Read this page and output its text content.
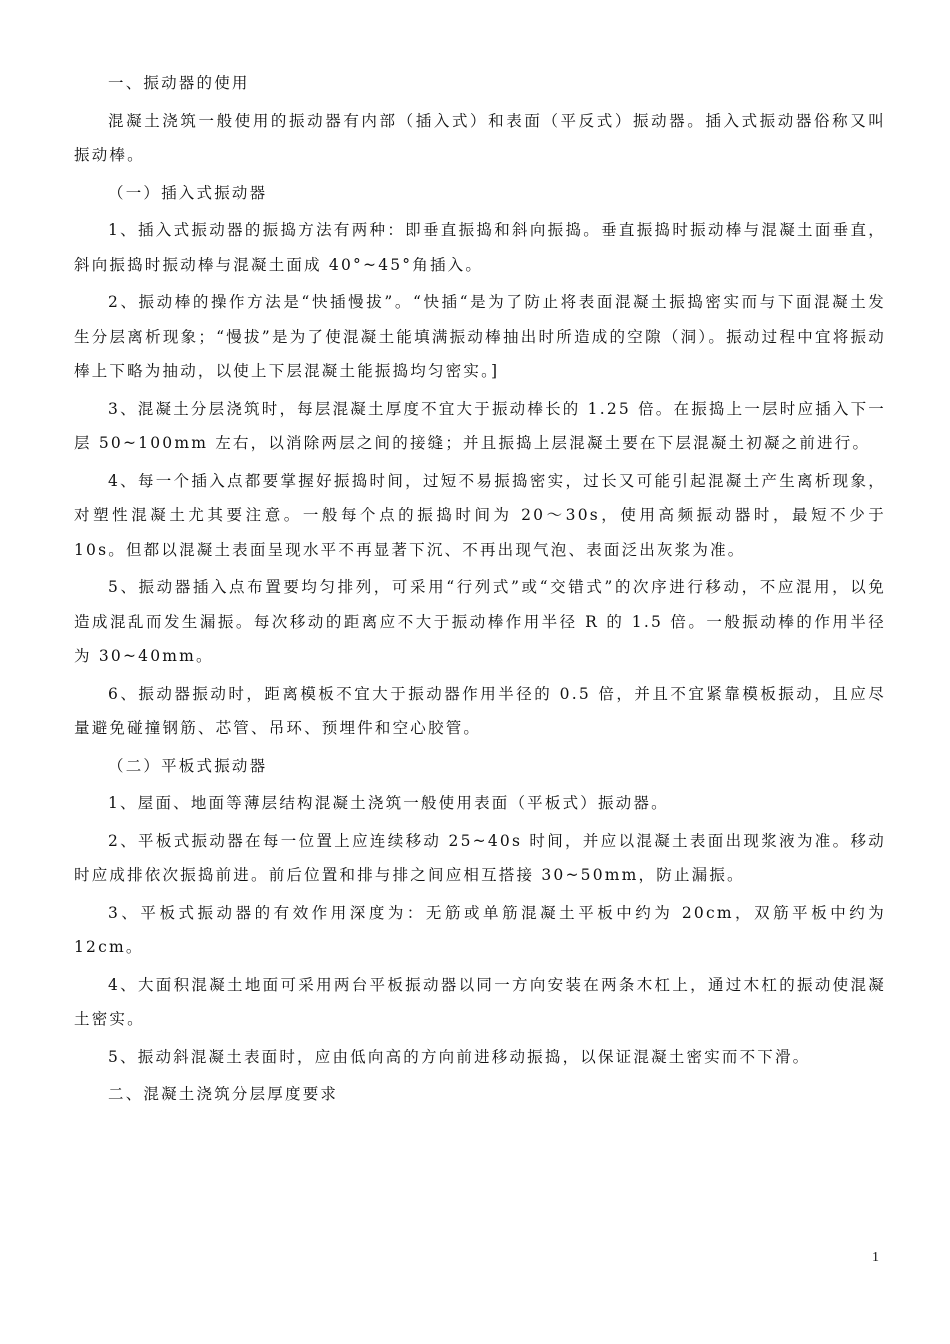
一、振动器的使用

混凝土浇筑一般使用的振动器有内部（插入式）和表面（平反式）振动器。插入式振动器俗称又叫振动棒。

（一）插入式振动器

1、插入式振动器的振捣方法有两种：即垂直振捣和斜向振捣。垂直振捣时振动棒与混凝土面垂直，斜向振捣时振动棒与混凝土面成 40°~45°角插入。

2、振动棒的操作方法是“快插慢拔”。“快插“是为了防止将表面混凝土振捣密实而与下面混凝土发生分层离析现象；“慢拔”是为了使混凝土能填满振动棒抽出时所造成的空隙（洞）。振动过程中宜将振动棒上下略为抽动，以使上下层混凝土能振捣均匀密实。]

3、混凝土分层浇筑时，每层混凝土厚度不宜大于振动棒长的 1.25 倍。在振捣上一层时应插入下一层 50~100mm 左右，以消除两层之间的接缝；并且振捣上层混凝土要在下层混凝土初凝之前进行。

4、每一个插入点都要掌握好振捣时间，过短不易振捣密实，过长又可能引起混凝土产生离析现象，对塑性混凝土尤其要注意。一般每个点的振捣时间为 20～30s，使用高频振动器时，最短不少于 10s。但都以混凝土表面呈现水平不再显著下沉、不再出现气泡、表面泛出灰浆为准。

5、振动器插入点布置要均匀排列，可采用“行列式”或“交错式”的次序进行移动，不应混用，以免造成混乱而发生漏振。每次移动的距离应不大于振动棒作用半径 R 的 1.5 倍。一般振动棒的作用半径为 30~40mm。

6、振动器振动时，距离模板不宜大于振动器作用半径的 0.5 倍，并且不宜紧靠模板振动，且应尽量避免碰撞钢筋、芯管、吊环、预埋件和空心胶管。

（二）平板式振动器

1、屋面、地面等薄层结构混凝土浇筑一般使用表面（平板式）振动器。

2、平板式振动器在每一位置上应连续移动 25~40s 时间，并应以混凝土表面出现浆液为准。移动时应成排依次振捣前进。前后位置和排与排之间应相互搭接 30~50mm，防止漏振。

3、平板式振动器的有效作用深度为：无筋或单筋混凝土平板中约为 20cm，双筋平板中约为 12cm。

4、大面积混凝土地面可采用两台平板振动器以同一方向安装在两条木杠上，通过木杠的振动使混凝土密实。

5、振动斜混凝土表面时，应由低向高的方向前进移动振捣，以保证混凝土密实而不下滑。

二、混凝土浇筑分层厚度要求

1
